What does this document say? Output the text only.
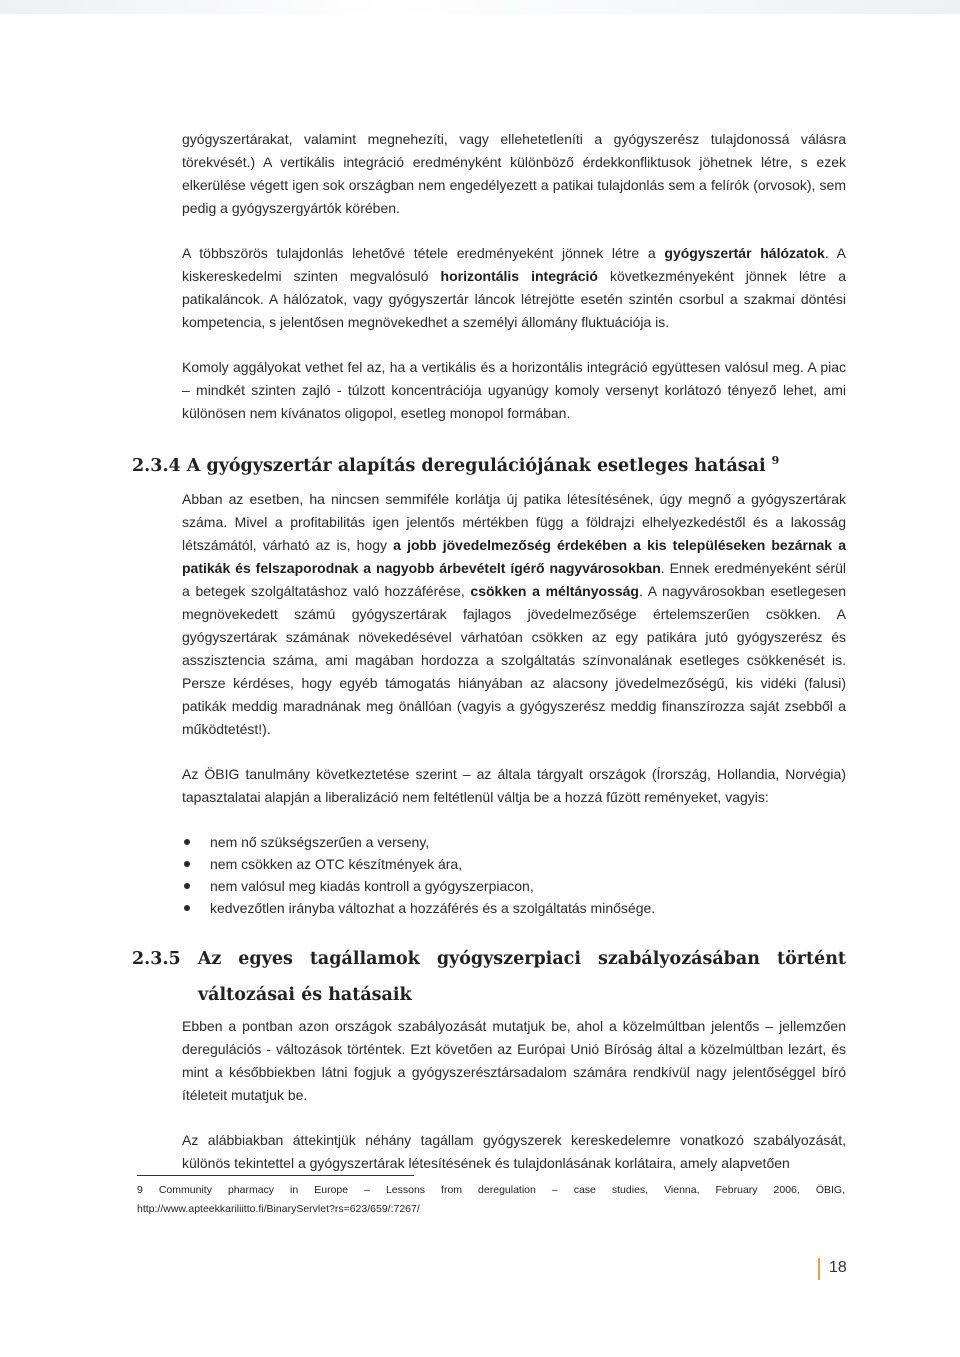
gyógyszertárakat, valamint megnehezíti, vagy ellehetetleníti a gyógyszerész tulajdonossá válásra törekvését.) A vertikális integráció eredményként különböző érdekkonfliktusok jöhetnek létre, s ezek elkerülése végett igen sok országban nem engedélyezett a patikai tulajdonlás sem a felírók (orvosok), sem pedig a gyógyszergyártók körében.

A többszörös tulajdonlás lehetővé tétele eredményeként jönnek létre a gyógyszertár hálózatok. A kiskereskedelmi szinten megvalósuló horizontális integráció következményeként jönnek létre a patikaláncok. A hálózatok, vagy gyógyszertár láncok létrejötte esetén szintén csorbul a szakmai döntési kompetencia, s jelentősen megnövekedhet a személyi állomány fluktuációja is.

Komoly aggályokat vethet fel az, ha a vertikális és a horizontális integráció együttesen valósul meg. A piac – mindkét szinten zajló - túlzott koncentrációja ugyanúgy komoly versenyt korlátozó tényező lehet, ami különösen nem kívánatos oligopol, esetleg monopol formában.

2.3.4 A gyógyszertár alapítás deregulációjának esetleges hatásai $^9$

Abban az esetben, ha nincsen semmiféle korlátja új patika létesítésének, úgy megnő a gyógyszertárak száma. Mivel a profitabilitás igen jelentős mértékben függ a földrajzi elhelyezkedéstől és a lakosság létszámától, várható az is, hogy a jobb jövedelmezőség érdekében a kis településeken bezárnak a patikák és felszaporodnak a nagyobb árbevételt ígérő nagyvárosokban. Ennek eredményeként sérül a betegek szolgáltatáshoz való hozzáférése, csökken a méltányosság. A nagyvárosokban esetlegesen megnövekedett számú gyógyszertárak fajlagos jövedelmezősége értelemszerűen csökken. A gyógyszertárak számának növekedésével várhatóan csökken az egy patikára jutó gyógyszerész és asszisztencia száma, ami magában hordozza a szolgáltatás színvonalának esetleges csökkenését is. Persze kérdéses, hogy egyéb támogatás hiányában az alacsony jövedelmezőségű, kis vidéki (falusi) patikák meddig maradnának meg önállóan (vagyis a gyógyszerész meddig finanszírozza saját zsebből a működtetést!).

Az ÖBIG tanulmány következtetése szerint – az általa tárgyalt országok (Írország, Hollandia, Norvégia) tapasztalatai alapján a liberalizáció nem feltétlenül váltja be a hozzá fűzött reményeket, vagyis:

nem nő szükségszerűen a verseny,
nem csökken az OTC készítmények ára,
nem valósul meg kiadás kontroll a gyógyszerpiacon,
kedvezőtlen irányba változhat a hozzáférés és a szolgáltatás minősége.
2.3.5 Az egyes tagállamok gyógyszerpiaci szabályozásában történt
változásai és hatásaik

Ebben a pontban azon országok szabályozását mutatjuk be, ahol a közelmúltban jelentős – jellemzően deregulációs - változások történtek. Ezt követően az Európai Unió Bíróság által a közelmúltban lezárt, és mint a későbbiekben látni fogjuk a gyógyszerésztársadalom számára rendkívül nagy jelentőséggel bíró ítéleteit mutatjuk be.

Az alábbiakban áttekintjük néhány tagállam gyógyszerek kereskedelemre vonatkozó szabályozását, különös tekintettel a gyógyszertárak létesítésének és tulajdonlásának korlátaira, amely alapvetően

9 Community pharmacy in Europe – Lessons from deregulation – case studies, Vienna, February 2006, ÖBIG,
http://www.apteekkariliitto.fi/BinaryServlet?rs=623/659/:7267/
18
